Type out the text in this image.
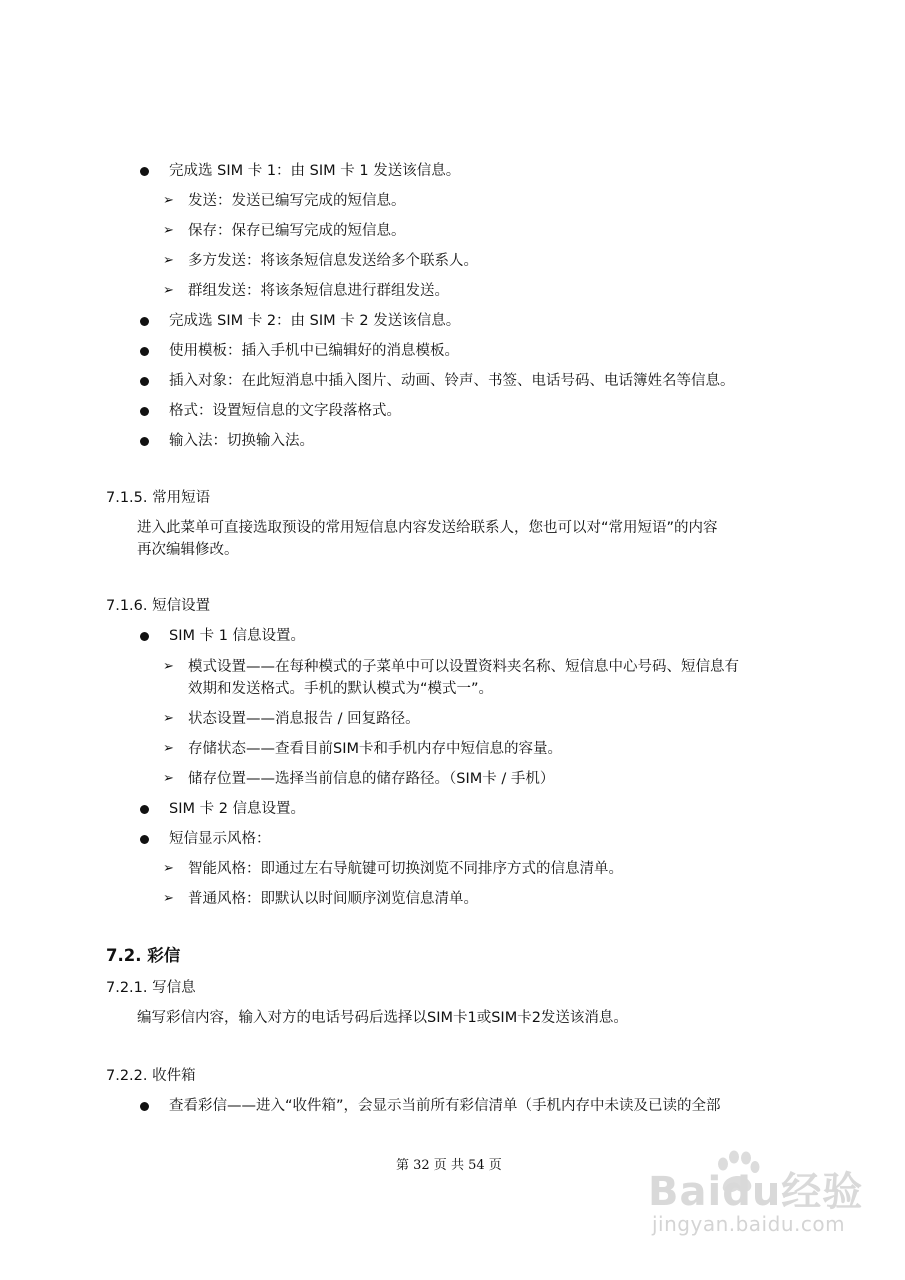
完成选 SIM 卡 1：由 SIM 卡 1 发送该信息。
➢ 发送：发送已编写完成的短信息。
➢ 保存：保存已编写完成的短信息。
➢ 多方发送：将该条短信息发送给多个联系人。
➢ 群组发送：将该条短信息进行群组发送。
完成选 SIM 卡 2：由 SIM 卡 2 发送该信息。
使用模板：插入手机中已编辑好的消息模板。
插入对象：在此短消息中插入图片、动画、铃声、书签、电话号码、电话簿姓名等信息。
格式：设置短信息的文字段落格式。
输入法：切换输入法。
7.1.5. 常用短语
进入此菜单可直接选取预设的常用短信息内容发送给联系人，您也可以对“常用短语”的内容
再次编辑修改。
7.1.6. 短信设置
SIM 卡 1 信息设置。
➢ 模式设置——在每种模式的子菜单中可以设置资料夹名称、短信息中心号码、短信息有
效期和发送格式。手机的默认模式为“模式一”。
➢ 状态设置——消息报告 / 回复路径。
➢ 存储状态——查看目前SIM卡和手机内存中短信息的容量。
➢ 储存位置——选择当前信息的储存路径。（SIM卡 / 手机）
SIM 卡 2 信息设置。
短信显示风格：
➢ 智能风格：即通过左右导航键可切换浏览不同排序方式的信息清单。
➢ 普通风格：即默认以时间顺序浏览信息清单。
7.2. 彩信
7.2.1. 写信息
编写彩信内容，输入对方的电话号码后选择以SIM卡1或SIM卡2发送该消息。
7.2.2. 收件箱
查看彩信——进入“收件箱”，会显示当前所有彩信清单（手机内存中未读及已读的全部
第 32 页 共 54 页
Baidu经验
jingyan.baidu.com
